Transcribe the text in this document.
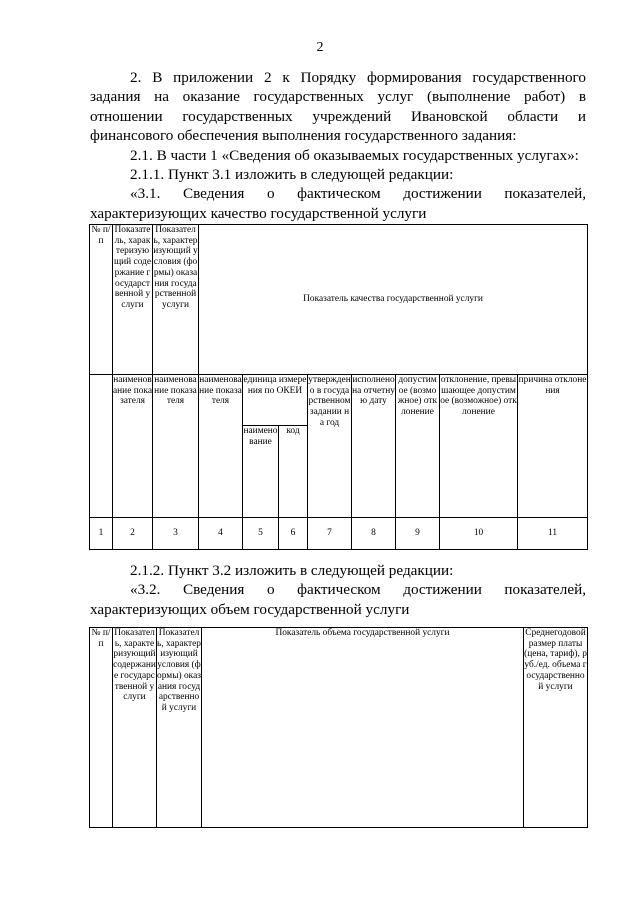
2

2. В приложении 2 к Порядку формирования государственного задания на оказание государственных услуг (выполнение работ) в отношении государственных учреждений Ивановской области и финансового обеспечения выполнения государственного задания:

2.1. В части 1 «Сведения об оказываемых государственных услугах»:

2.1.1. Пункт 3.1 изложить в следующей редакции:

«3.1. Сведения о фактическом достижении показателей, характеризующих качество государственной услуги

№ п/п	Показатель, характеризующий содержание государственной услуги	Показатель, характеризующий условия (формы) оказания государственной услуги	Показатель качества государственной услуги							
	наименование показателя	наименование показателя	наименование показателя	единица измерения по ОКЕИ		утверждено в государственном задании на год	исполнено на отчетную дату	допустимое (возможное) отклонение	отклонение, превышающее допустимое (возможное) отклонение	причина отклонения
				наименование	код					
1	2	3	4	5	6	7	8	9	10	11

2.1.2. Пункт 3.2 изложить в следующей редакции:

«3.2. Сведения о фактическом достижении показателей, характеризующих объем государственной услуги

№ п/п	Показатель, характеризующий содержание государственной услуги	Показатель, характеризующий условия (формы) оказания государственной услуги	Показатель объема государственной услуги	Среднегодовой размер платы (цена, тариф), руб./ед. объема государственной услуги
